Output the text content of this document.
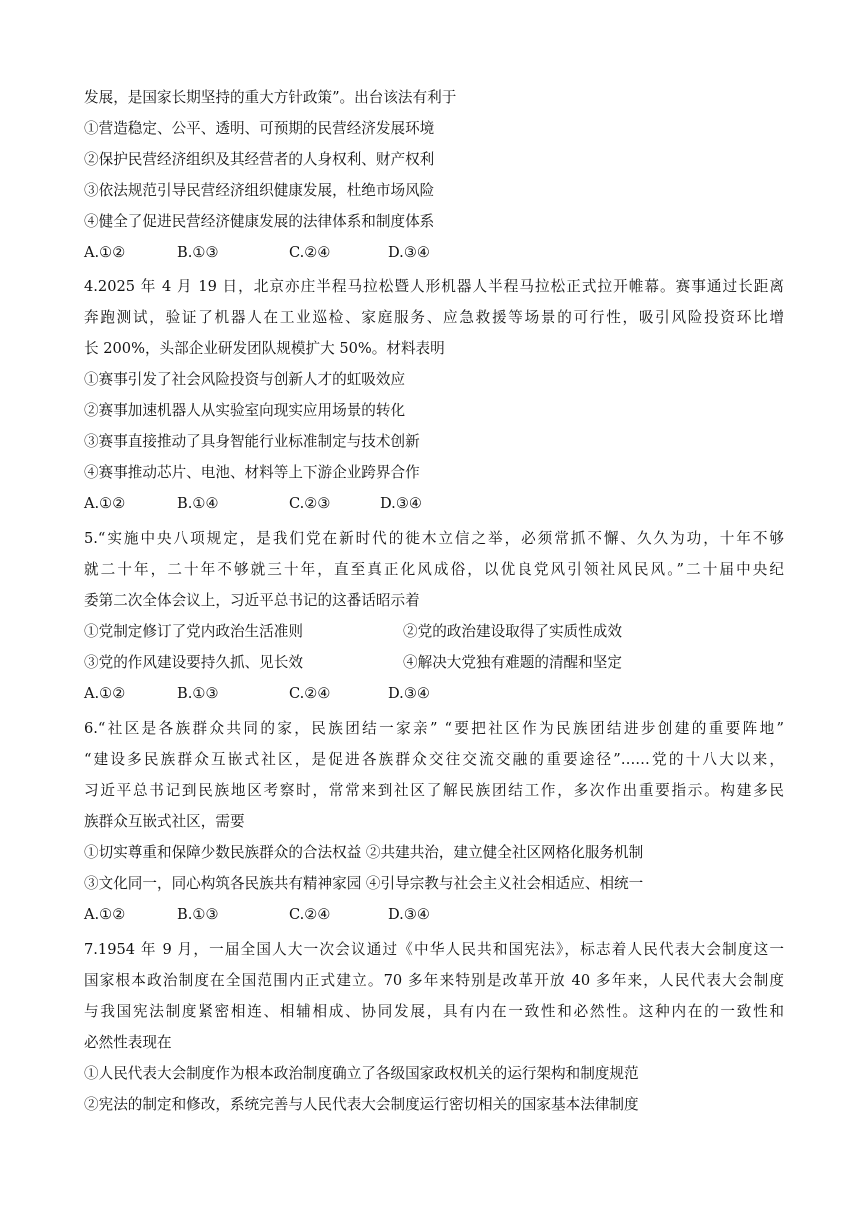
发展，是国家长期坚持的重大方针政策”。出台该法有利于
①营造稳定、公平、透明、可预期的民营经济发展环境
②保护民营经济组织及其经营者的人身权利、财产权利
③依法规范引导民营经济组织健康发展，杜绝市场风险
④健全了促进民营经济健康发展的法律体系和制度体系
A.①②	B.①③	C.②④	D.③④
4.2025 年 4 月 19 日，北京亦庄半程马拉松暨人形机器人半程马拉松正式拉开帷幕。赛事通过长距离
奔跑测试，验证了机器人在工业巡检、家庭服务、应急救援等场景的可行性，吸引风险投资环比增
长 200%，头部企业研发团队规模扩大 50%。材料表明
①赛事引发了社会风险投资与创新人才的虹吸效应
②赛事加速机器人从实验室向现实应用场景的转化
③赛事直接推动了具身智能行业标准制定与技术创新
④赛事推动芯片、电池、材料等上下游企业跨界合作
A.①②	B.①④	C.②③	D.③④
5.“实施中央八项规定，是我们党在新时代的徙木立信之举，必须常抓不懈、久久为功，十年不够
就二十年，二十年不够就三十年，直至真正化风成俗，以优良党风引领社风民风。”二十届中央纪
委第二次全体会议上，习近平总书记的这番话昭示着
①党制定修订了党内政治生活准则	②党的政治建设取得了实质性成效
③党的作风建设要持久抓、见长效	④解决大党独有难题的清醒和坚定
A.①②	B.①③	C.②④	D.③④
6.“社区是各族群众共同的家，民族团结一家亲” “要把社区作为民族团结进步创建的重要阵地”
“建设多民族群众互嵌式社区，是促进各族群众交往交流交融的重要途径”……党的十八大以来，
习近平总书记到民族地区考察时，常常来到社区了解民族团结工作，多次作出重要指示。构建多民
族群众互嵌式社区，需要
①切实尊重和保障少数民族群众的合法权益 ②共建共治，建立健全社区网格化服务机制
③文化同一，同心构筑各民族共有精神家园 ④引导宗教与社会主义社会相适应、相统一
A.①②	B.①③	C.②④	D.③④
7.1954 年 9 月，一届全国人大一次会议通过《中华人民共和国宪法》，标志着人民代表大会制度这一
国家根本政治制度在全国范围内正式建立。70 多年来特别是改革开放 40 多年来，人民代表大会制度
与我国宪法制度紧密相连、相辅相成、协同发展，具有内在一致性和必然性。这种内在的一致性和
必然性表现在
①人民代表大会制度作为根本政治制度确立了各级国家政权机关的运行架构和制度规范
②宪法的制定和修改，系统完善与人民代表大会制度运行密切相关的国家基本法律制度
